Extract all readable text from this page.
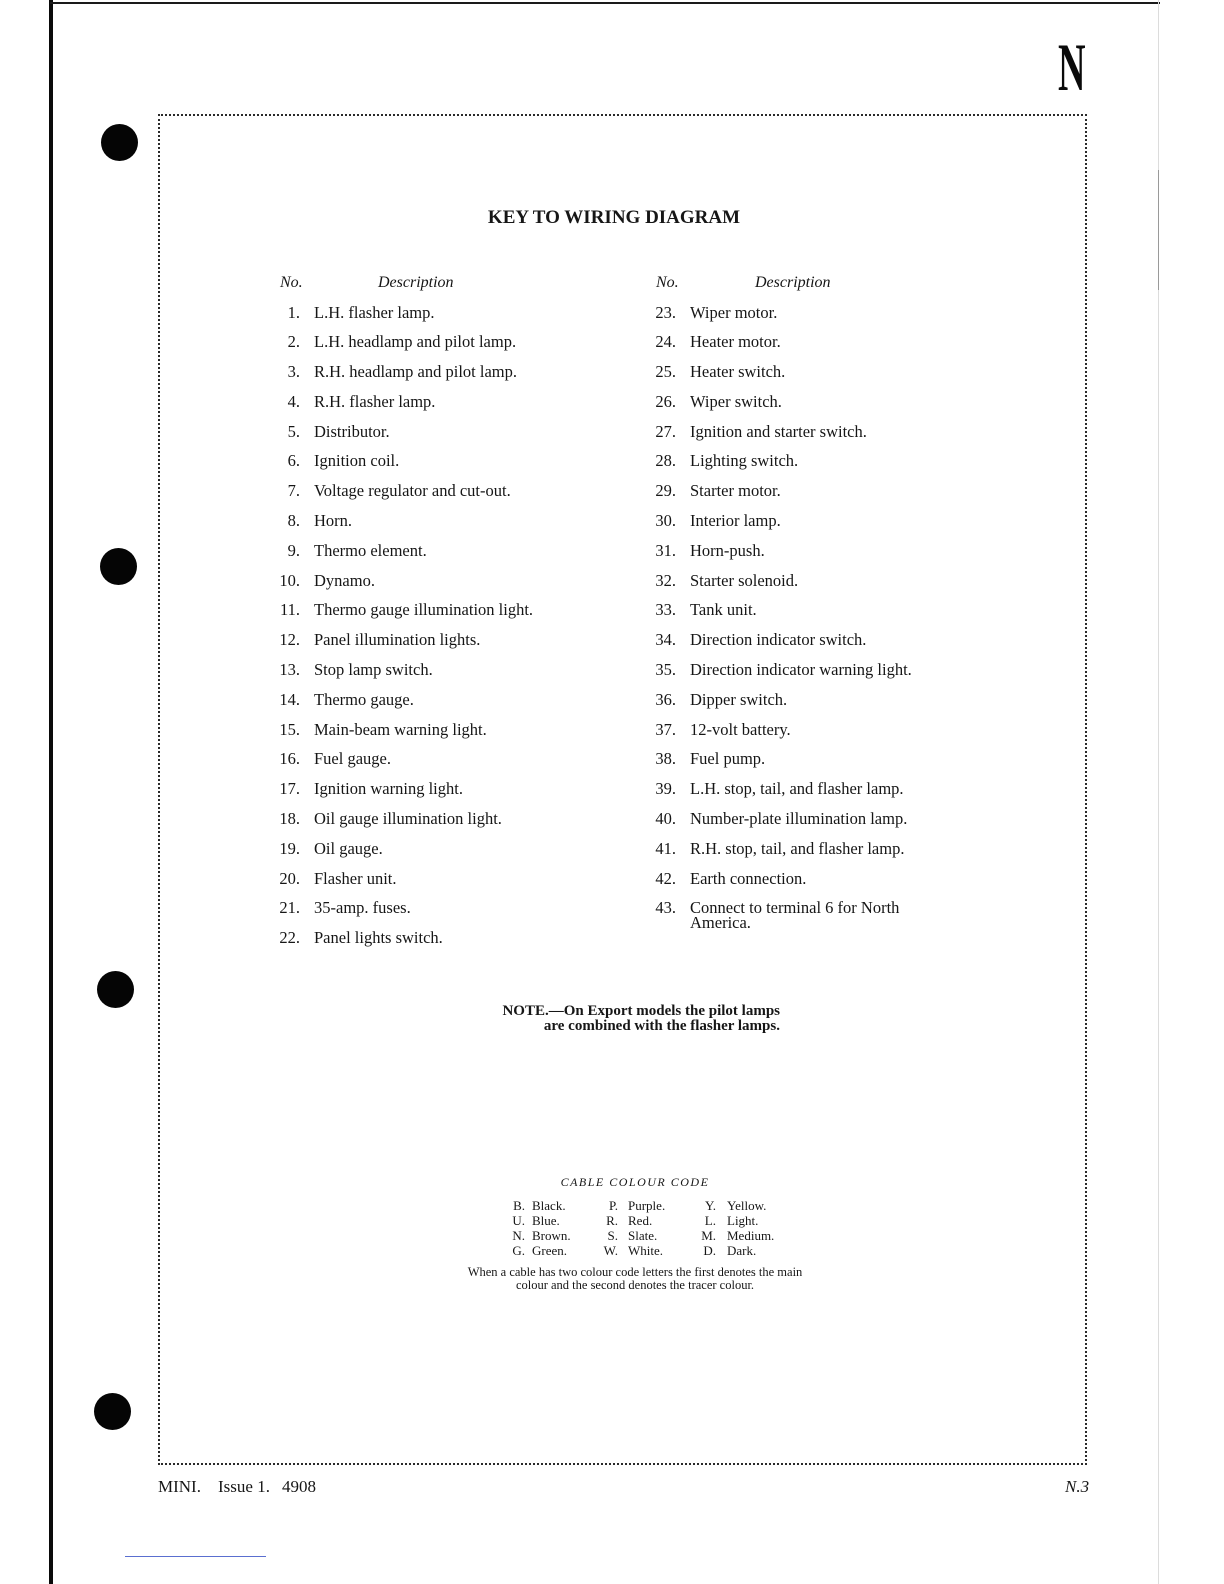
N
KEY TO WIRING DIAGRAM
No.	Description	No.	Description
1. L.H. flasher lamp.
2. L.H. headlamp and pilot lamp.
3. R.H. headlamp and pilot lamp.
4. R.H. flasher lamp.
5. Distributor.
6. Ignition coil.
7. Voltage regulator and cut-out.
8. Horn.
9. Thermo element.
10. Dynamo.
11. Thermo gauge illumination light.
12. Panel illumination lights.
13. Stop lamp switch.
14. Thermo gauge.
15. Main-beam warning light.
16. Fuel gauge.
17. Ignition warning light.
18. Oil gauge illumination light.
19. Oil gauge.
20. Flasher unit.
21. 35-amp. fuses.
22. Panel lights switch.
23. Wiper motor.
24. Heater motor.
25. Heater switch.
26. Wiper switch.
27. Ignition and starter switch.
28. Lighting switch.
29. Starter motor.
30. Interior lamp.
31. Horn-push.
32. Starter solenoid.
33. Tank unit.
34. Direction indicator switch.
35. Direction indicator warning light.
36. Dipper switch.
37. 12-volt battery.
38. Fuel pump.
39. L.H. stop, tail, and flasher lamp.
40. Number-plate illumination lamp.
41. R.H. stop, tail, and flasher lamp.
42. Earth connection.
43. Connect to terminal 6 for North America.
NOTE.—On Export models the pilot lamps
are combined with the flasher lamps.
CABLE COLOUR CODE
B. Black.	P. Purple.	Y. Yellow.
U. Blue.	R. Red.	L. Light.
N. Brown.	S. Slate.	M. Medium.
G. Green.	W. White.	D. Dark.
When a cable has two colour code letters the first denotes the main
colour and the second denotes the tracer colour.
MINI. Issue 1. 4908	N.3
